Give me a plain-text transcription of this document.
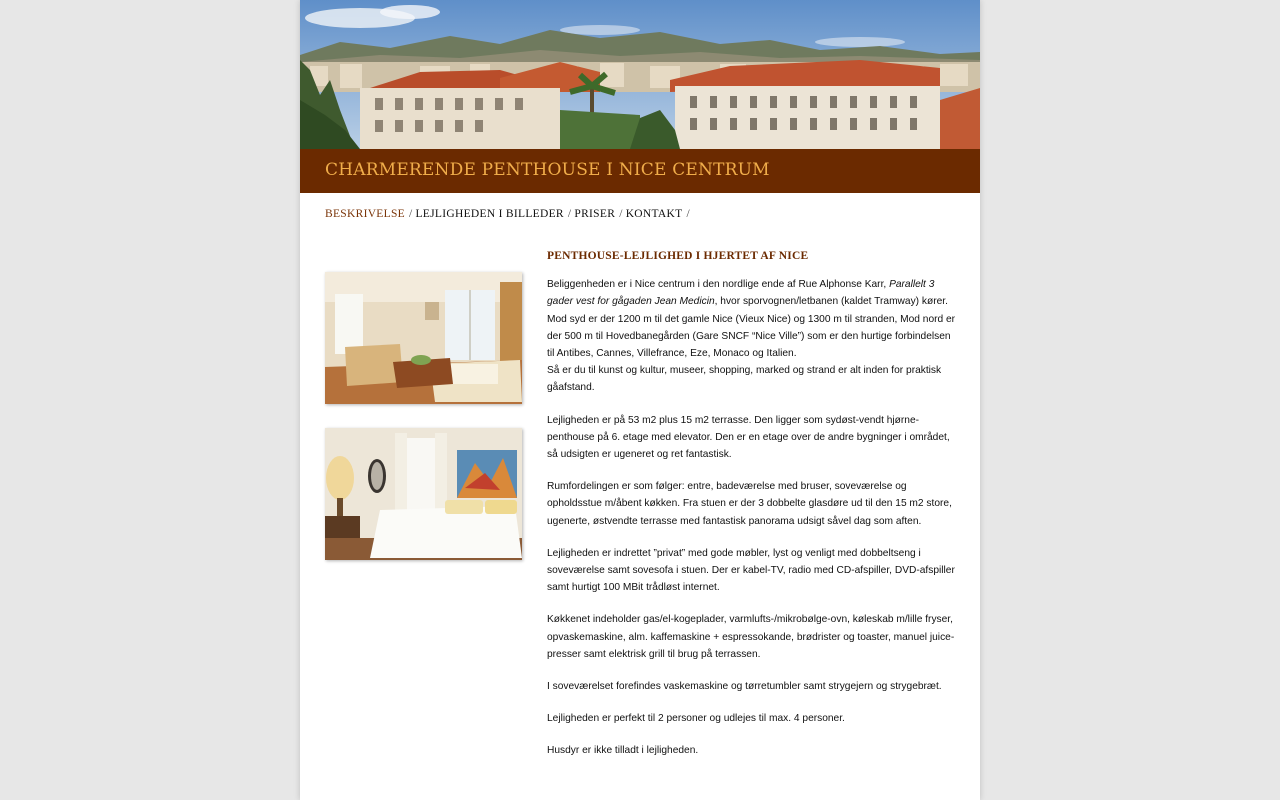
CHARMERENDE PENTHOUSE I NICE CENTRUM
BESKRIVELSE / LEJLIGHEDEN I BILLEDER / PRISER / KONTAKT /
PENTHOUSE-LEJLIGHED I HJERTET AF NICE

Beliggenheden er i Nice centrum i den nordlige ende af Rue Alphonse Karr, Parallelt 3 gader vest for gågaden Jean Medicin, hvor sporvognen/letbanen (kaldet Tramway) kører. Mod syd er der 1200 m til det gamle Nice (Vieux Nice) og 1300 m til stranden, Mod nord er der 500 m til Hovedbanegården (Gare SNCF “Nice Ville”) som er den hurtige forbindelsen til Antibes, Cannes, Villefrance, Eze, Monaco og Italien.

Så er du til kunst og kultur, museer, shopping, marked og strand er alt inden for praktisk gåafstand.

Lejligheden er på 53 m2 plus 15 m2 terrasse. Den ligger som sydøst-vendt hjørne-penthouse på 6. etage med elevator. Den er en etage over de andre bygninger i området, så udsigten er ugeneret og ret fantastisk.

Rumfordelingen er som følger: entre, badeværelse med bruser, soveværelse og opholdsstue m/åbent køkken. Fra stuen er der 3 dobbelte glasdøre ud til den 15 m2 store, ugenerte, østvendte terrasse med fantastisk panorama udsigt såvel dag som aften.

Lejligheden er indrettet ”privat” med gode møbler, lyst og venligt med dobbeltseng i soveværelse samt sovesofa i stuen. Der er kabel-TV, radio med CD-afspiller, DVD-afspiller samt hurtigt 100 MBit trådløst internet.

Køkkenet indeholder gas/el-kogeplader, varmlufts-/mikrobølge-ovn, køleskab m/lille fryser, opvaskemaskine, alm. kaffemaskine + espressokande, brødrister og toaster, manuel juice-presser samt elektrisk grill til brug på terrassen.

I soveværelset forefindes vaskemaskine og tørretumbler samt strygejern og strygebræt.

Lejligheden er perfekt til 2 personer og udlejes til max. 4 personer.

Husdyr er ikke tilladt i lejligheden.
